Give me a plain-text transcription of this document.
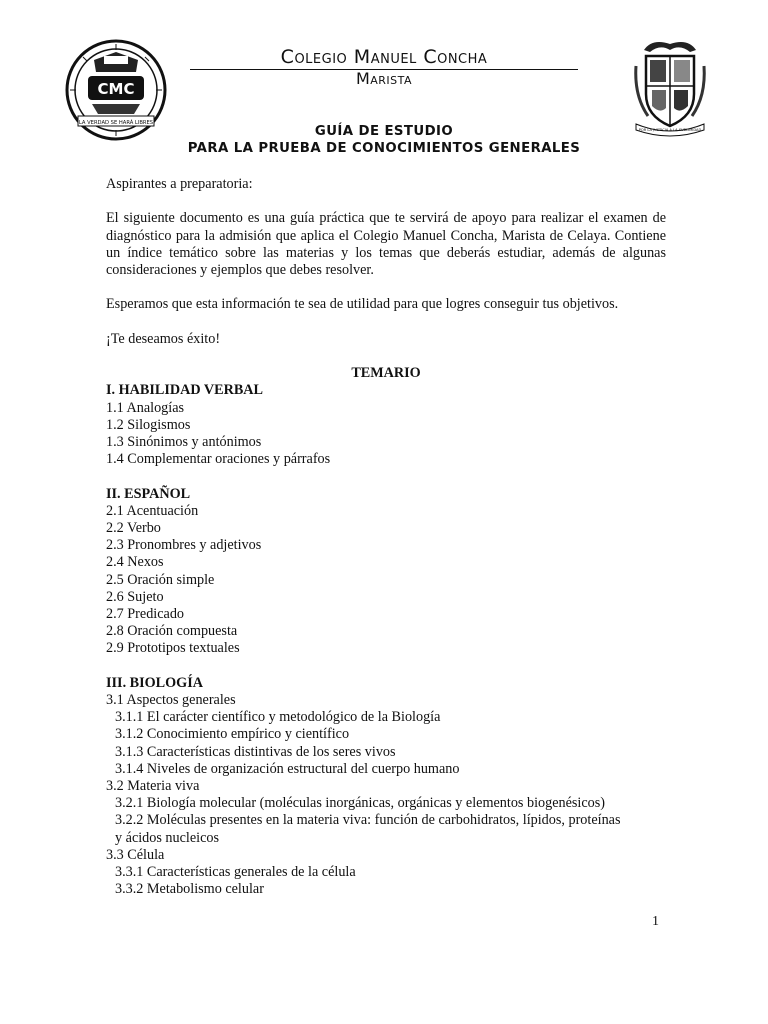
CMC
LA VERDAD SE HARÁ LIBRES
Colegio Manuel Concha
Marista
POR LA JUSTICIA A LA SUBLIMIDAD
GUÍA DE ESTUDIO
PARA LA PRUEBA DE CONOCIMIENTOS GENERALES

Aspirantes a preparatoria:

El siguiente documento es una guía práctica que te servirá de apoyo para realizar el examen de diagnóstico para la admisión que aplica el Colegio Manuel Concha, Marista de Celaya. Contiene un índice temático sobre las materias y los temas que deberás estudiar, además de algunas consideraciones y ejemplos que debes resolver.

Esperamos que esta información te sea de utilidad para que logres conseguir tus objetivos.

¡Te deseamos éxito!

TEMARIO

I. HABILIDAD VERBAL

1.1 Analogías

1.2 Silogismos

1.3 Sinónimos y antónimos

1.4 Complementar oraciones y párrafos

II. ESPAÑOL

2.1 Acentuación

2.2 Verbo

2.3 Pronombres y adjetivos

2.4 Nexos

2.5 Oración simple

2.6 Sujeto

2.7 Predicado

2.8 Oración compuesta

2.9 Prototipos textuales

III. BIOLOGÍA

3.1 Aspectos generales

3.1.1 El carácter científico y metodológico de la Biología

3.1.2 Conocimiento empírico y científico

3.1.3 Características distintivas de los seres vivos

3.1.4 Niveles de organización estructural del cuerpo humano

3.2 Materia viva

3.2.1 Biología molecular (moléculas inorgánicas, orgánicas y elementos biogenésicos)

3.2.2 Moléculas presentes en la materia viva: función de carbohidratos, lípidos, proteínas

y ácidos nucleicos

3.3 Célula

3.3.1 Características generales de la célula

3.3.2 Metabolismo celular

1
